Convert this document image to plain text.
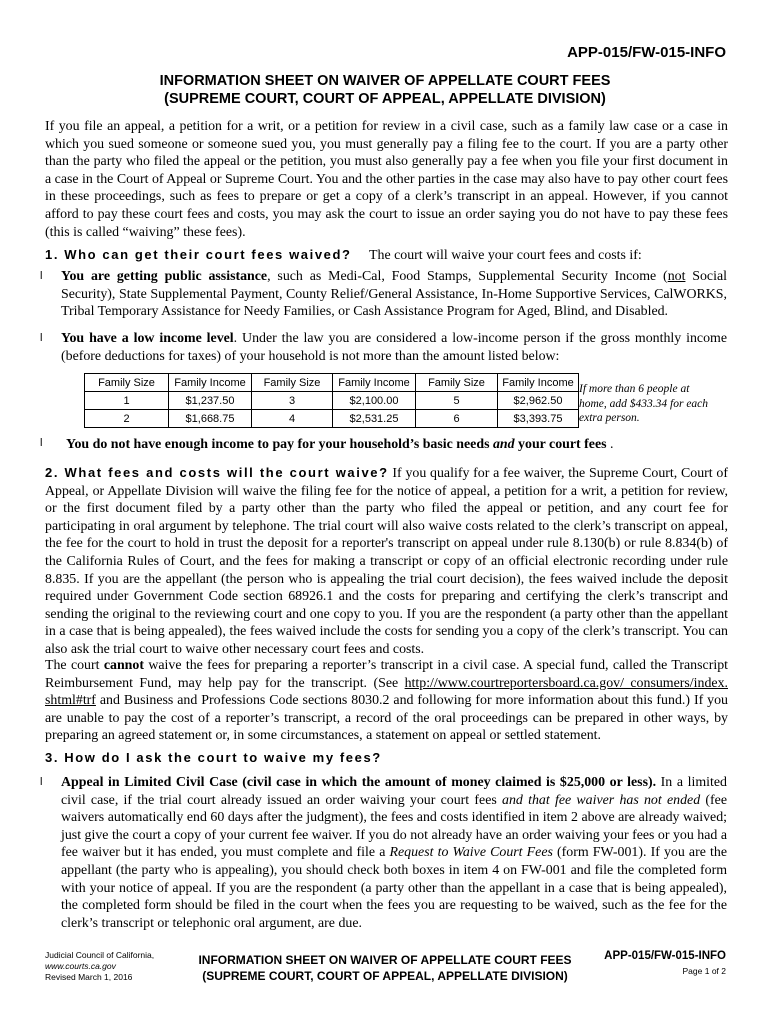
APP-015/FW-015-INFO
INFORMATION SHEET ON WAIVER OF APPELLATE COURT FEES
(SUPREME COURT, COURT OF APPEAL, APPELLATE DIVISION)
If you file an appeal, a petition for a writ, or a petition for review in a civil case, such as a family law case or a case in which you sued someone or someone sued you, you must generally pay a filing fee to the court. If you are a party other than the party who filed the appeal or the petition, you must also generally pay a fee when you file your first document in a case in the Court of Appeal or Supreme Court. You and the other parties in the case may also have to pay other court fees in these proceedings, such as fees to prepare or get a copy of a clerk’s transcript in an appeal. However, if you cannot afford to pay these court fees and costs, you may ask the court to issue an order saying you do not have to pay these fees (this is called “waiving” these fees).
1. Who can get their court fees waived? The court will waive your court fees and costs if:
l You are getting public assistance, such as Medi-Cal, Food Stamps, Supplemental Security Income (not Social Security), State Supplemental Payment, County Relief/General Assistance, In-Home Supportive Services, CalWORKS, Tribal Temporary Assistance for Needy Families, or Cash Assistance Program for Aged, Blind, and Disabled.
l You have a low income level. Under the law you are considered a low-income person if the gross monthly income (before deductions for taxes) of your household is not more than the amount listed below:
Family Size	Family Income	Family Size	Family Income	Family Size	Family Income
1	$1,237.50	3	$2,100.00	5	$2,962.50
2	$1,668.75	4	$2,531.25	6	$3,393.75
If more than 6 people at home, add $433.34 for each extra person.
l You do not have enough income to pay for your household’s basic needs and your court fees .
2. What fees and costs will the court waive? If you qualify for a fee waiver, the Supreme Court, Court of Appeal, or Appellate Division will waive the filing fee for the notice of appeal, a petition for a writ, a petition for review, or the first document filed by a party other than the party who filed the appeal or petition, and any court fee for participating in oral argument by telephone. The trial court will also waive costs related to the clerk’s transcript on appeal, the fee for the court to hold in trust the deposit for a reporter's transcript on appeal under rule 8.130(b) or rule 8.834(b) of the California Rules of Court, and the fees for making a transcript or copy of an official electronic recording under rule 8.835. If you are the appellant (the person who is appealing the trial court decision), the fees waived include the deposit required under Government Code section 68926.1 and the costs for preparing and certifying the clerk’s transcript and sending the original to the reviewing court and one copy to you. If you are the respondent (a party other than the appellant in a case that is being appealed), the fees waived include the costs for sending you a copy of the clerk’s transcript. You can also ask the trial court to waive other necessary court fees and costs.
The court cannot waive the fees for preparing a reporter’s transcript in a civil case. A special fund, called the Transcript Reimbursement Fund, may help pay for the transcript. (See http://www.courtreportersboard.ca.gov/ consumers/index. shtml#trf and Business and Professions Code sections 8030.2 and following for more information about this fund.) If you are unable to pay the cost of a reporter’s transcript, a record of the oral proceedings can be prepared in other ways, by preparing an agreed statement or, in some circumstances, a statement on appeal or settled statement.
3. How do I ask the court to waive my fees?
l Appeal in Limited Civil Case (civil case in which the amount of money claimed is $25,000 or less). In a limited civil case, if the trial court already issued an order waiving your court fees and that fee waiver has not ended (fee waivers automatically end 60 days after the judgment), the fees and costs identified in item 2 above are already waived; just give the court a copy of your current fee waiver. If you do not already have an order waiving your fees or you had a fee waiver but it has ended, you must complete and file a Request to Waive Court Fees (form FW-001). If you are the appellant (the party who is appealing), you should check both boxes in item 4 on FW-001 and file the completed form with your notice of appeal. If you are the respondent (a party other than the appellant in a case that is being appealed), the completed form should be filed in the court when the fees you are requesting to be waived, such as the fee for the clerk’s transcript or telephonic oral argument, are due.
Judicial Council of California,
www.courts.ca.gov
Revised March 1, 2016
INFORMATION SHEET ON WAIVER OF APPELLATE COURT FEES
(SUPREME COURT, COURT OF APPEAL, APPELLATE DIVISION)
APP-015/FW-015-INFO
Page 1 of 2
